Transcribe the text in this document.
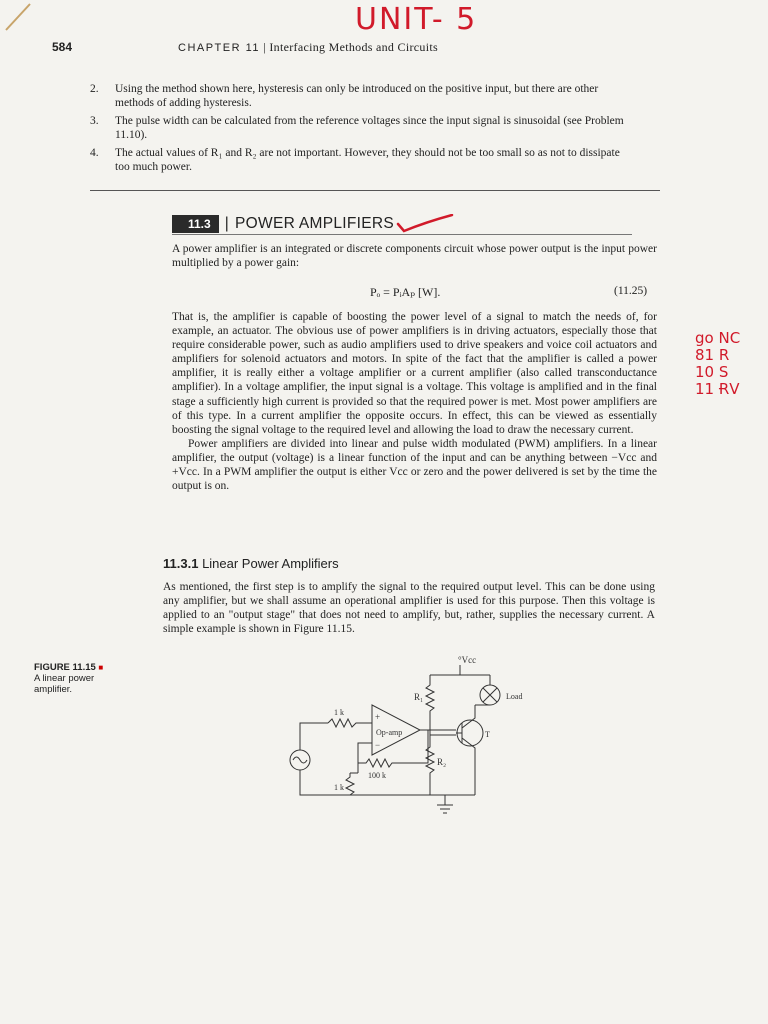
UNIT- 5
584	CHAPTER 11 | Interfacing Methods and Circuits
2.	Using the method shown here, hysteresis can only be introduced on the positive input, but there are other methods of adding hysteresis.
3.	The pulse width can be calculated from the reference voltages since the input signal is sinusoidal (see Problem 11.10).
4.	The actual values of R₁ and R₂ are not important. However, they should not be too small so as not to dissipate too much power.
11.3 | POWER AMPLIFIERS
A power amplifier is an integrated or discrete components circuit whose power output is the input power multiplied by a power gain:
Pₒ = PᵢAₚ [W].	(11.25)

That is, the amplifier is capable of boosting the power level of a signal to match the needs of, for example, an actuator. The obvious use of power amplifiers is in driving actuators, especially those that require considerable power, such as audio amplifiers used to drive speakers and voice coil actuators and amplifiers for solenoid actuators and motors. In spite of the fact that the amplifier is called a power amplifier, it is really either a voltage amplifier or a current amplifier (also called transconductance amplifier). In a voltage amplifier, the input signal is a voltage. This voltage is amplified and in the final stage a sufficiently high current is provided so that the required power is met. Most power amplifiers are of this type. In a current amplifier the opposite occurs. In effect, this can be viewed as essentially boosting the signal voltage to the required level and allowing the load to draw the necessary current.

Power amplifiers are divided into linear and pulse width modulated (PWM) amplifiers. In a linear amplifier, the output (voltage) is a linear function of the input and can be anything between −Vcc and +Vcc. In a PWM amplifier the output is either Vcc or zero and the power delivered is set by the time the output is on.

go NC
81 R
10 S
11 ɌV
11.3.1 Linear Power Amplifiers
As mentioned, the first step is to amplify the signal to the required output level. This can be done using any amplifier, but we shall assume an operational amplifier is used for this purpose. Then this voltage is applied to an "output stage" that does not need to amplify, but, rather, supplies the necessary current. A simple example is shown in Figure 11.15.
FIGURE 11.15 ■
A linear power
amplifier.
°Vcc
R₁	Load
T
R₂
Op-amp
1 k
100 k
1 k
+
−
